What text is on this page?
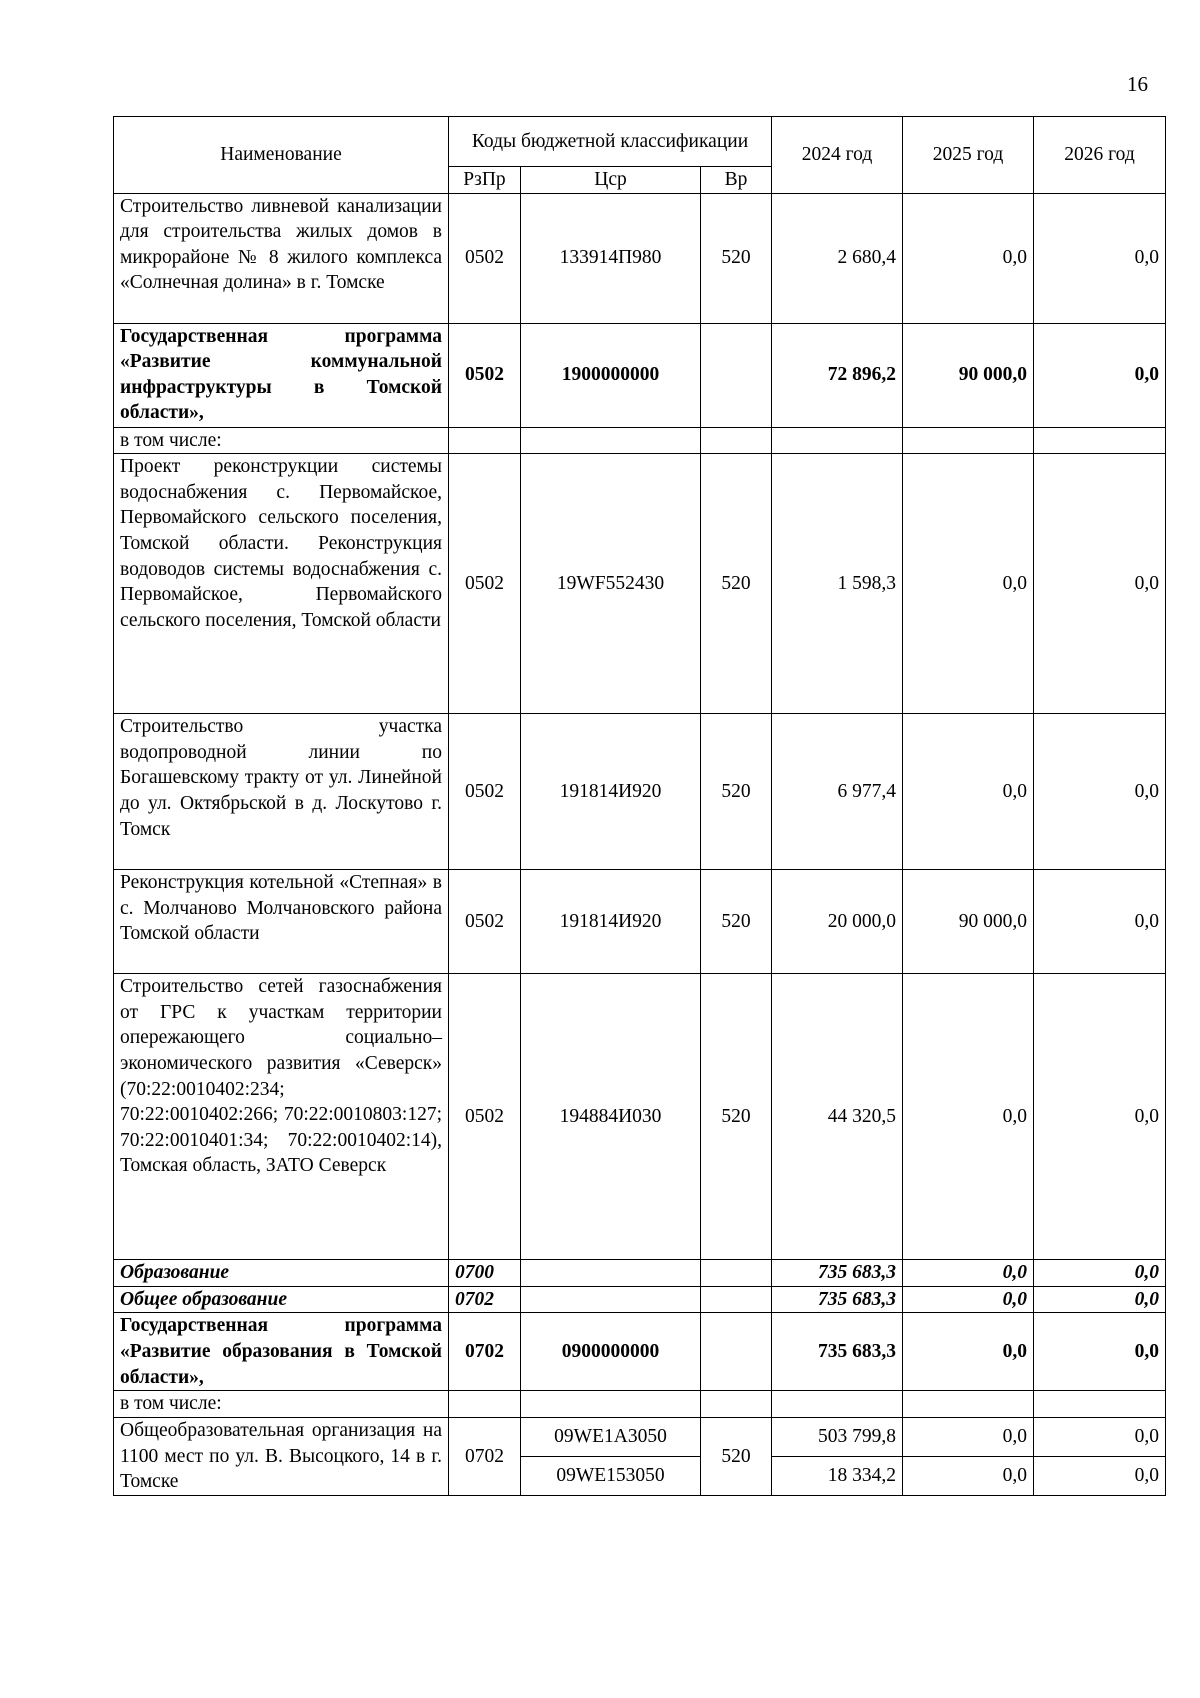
16
Наименование	Коды бюджетной классификации			2024 год	2025 год	2026 год
	РзПр	Цср	Вр			
Строительство ливневой канализации для строительства жилых домов в микрорайоне № 8 жилого комплекса «Солнечная долина» в г. Томске	0502	133914П980	520	2 680,4	0,0	0,0
Государственная программа «Развитие коммунальной инфраструктуры в Томской области»,	0502	1900000000		72 896,2	90 000,0	0,0
в том числе:						
Проект реконструкции системы водоснабжения с. Первомайское, Первомайского сельского поселения, Томской области. Реконструкция водоводов системы водоснабжения с. Первомайское, Первомайского сельского поселения, Томской области	0502	19WF552430	520	1 598,3	0,0	0,0
Строительство участка водопроводной линии по Богашевскому тракту от ул. Линейной до ул. Октябрьской в д. Лоскутово г. Томск	0502	191814И920	520	6 977,4	0,0	0,0
Реконструкция котельной «Степная» в с. Молчаново Молчановского района Томской области	0502	191814И920	520	20 000,0	90 000,0	0,0
Строительство сетей газоснабжения от ГРС к участкам территории опережающего социально–экономического развития «Северск» (70:22:0010402:234; 70:22:0010402:266; 70:22:0010803:127; 70:22:0010401:34; 70:22:0010402:14), Томская область, ЗАТО Северск	0502	194884И030	520	44 320,5	0,0	0,0
Образование	0700			735 683,3	0,0	0,0
Общее образование	0702			735 683,3	0,0	0,0
Государственная программа «Развитие образования в Томской области»,	0702	0900000000		735 683,3	0,0	0,0
в том числе:						
Общеобразовательная организация на 1100 мест по ул. В. Высоцкого, 14 в г. Томске	0702	09WE1A3050	520	503 799,8	0,0	0,0
		09WE153050		18 334,2	0,0	0,0
